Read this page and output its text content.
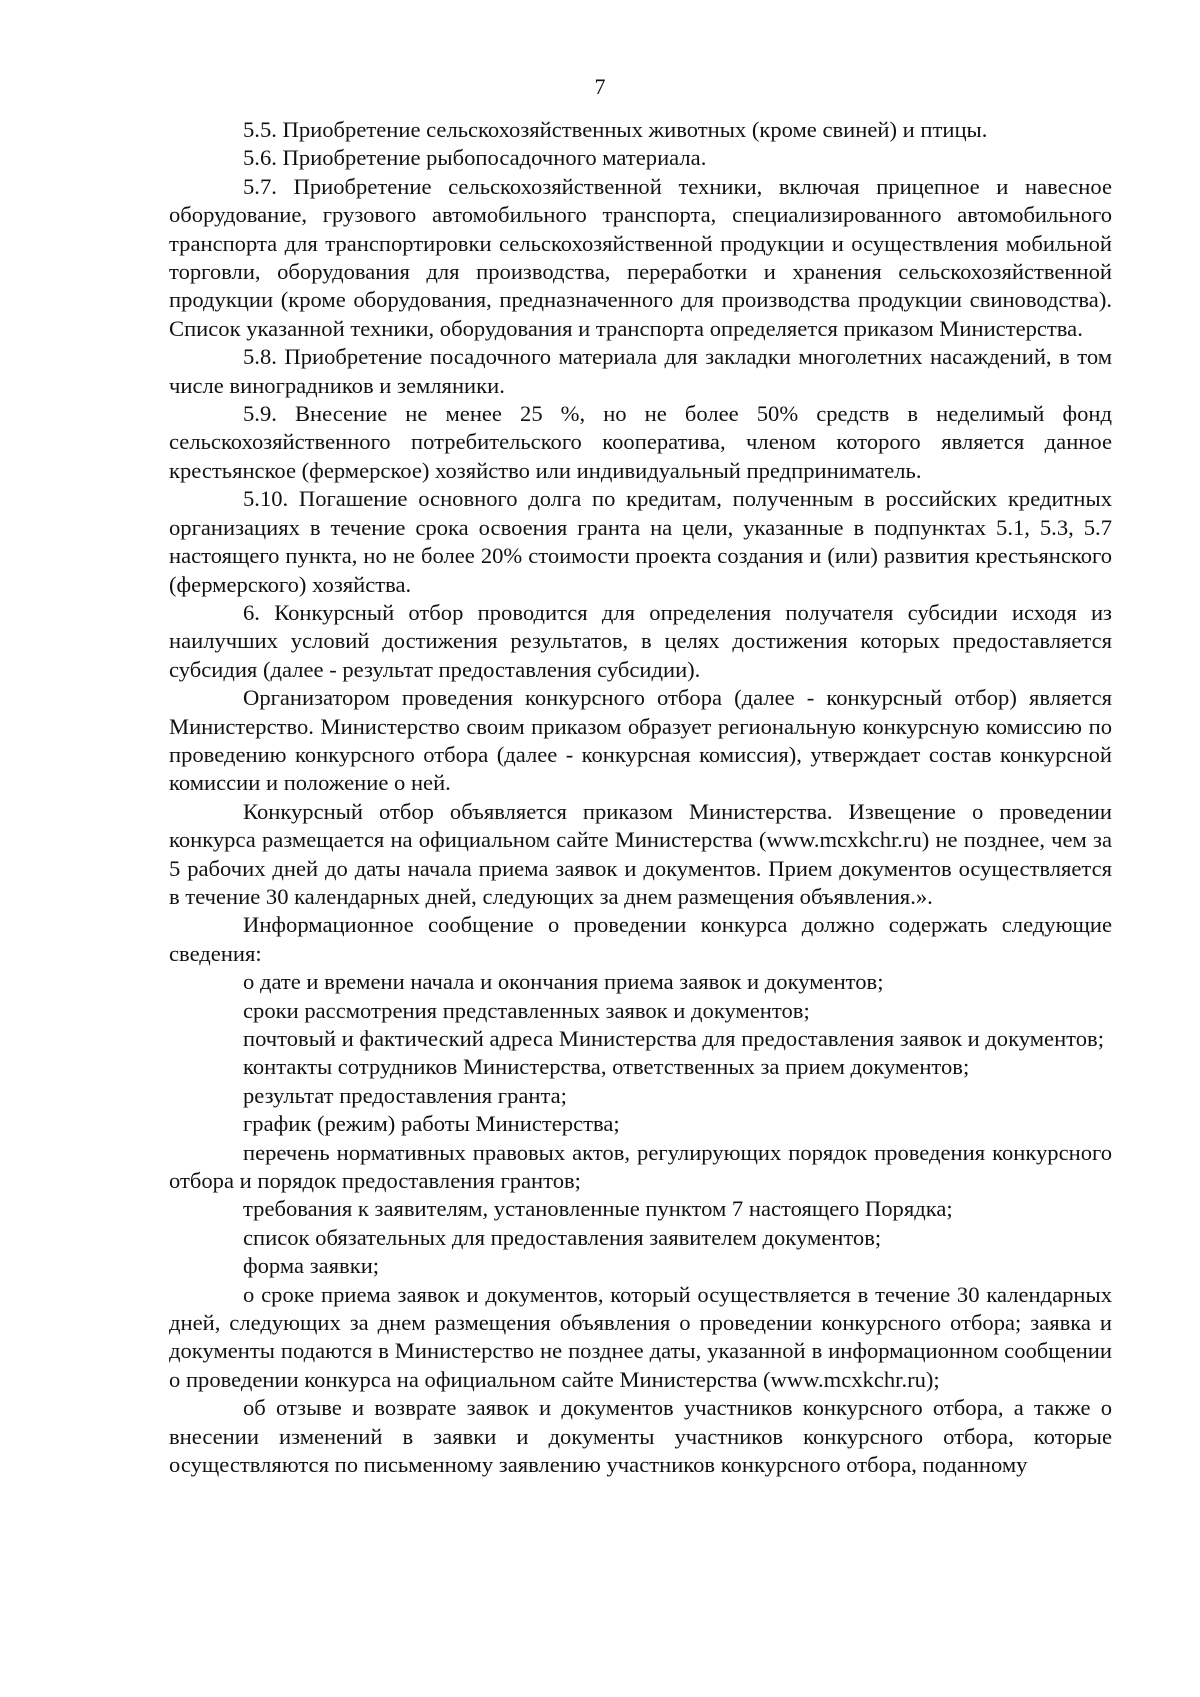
7

5.5. Приобретение сельскохозяйственных животных (кроме свиней) и птицы.

5.6. Приобретение рыбопосадочного материала.

5.7. Приобретение сельскохозяйственной техники, включая прицепное и навесное оборудование, грузового автомобильного транспорта, специализированного автомобильного транспорта для транспортировки сельскохозяйственной продукции и осуществления мобильной торговли, оборудования для производства, переработки и хранения сельскохозяйственной продукции (кроме оборудования, предназначенного для производства продукции свиноводства). Список указанной техники, оборудования и транспорта определяется приказом Министерства.

5.8. Приобретение посадочного материала для закладки многолетних насаждений, в том числе виноградников и земляники.

5.9. Внесение не менее 25 %, но не более 50% средств в неделимый фонд сельскохозяйственного потребительского кооператива, членом которого является данное крестьянское (фермерское) хозяйство или индивидуальный предприниматель.

5.10. Погашение основного долга по кредитам, полученным в российских кредитных организациях в течение срока освоения гранта на цели, указанные в подпунктах 5.1, 5.3, 5.7 настоящего пункта, но не более 20% стоимости проекта создания и (или) развития крестьянского (фермерского) хозяйства.

6. Конкурсный отбор проводится для определения получателя субсидии исходя из наилучших условий достижения результатов, в целях достижения которых предоставляется субсидия (далее - результат предоставления субсидии).

Организатором проведения конкурсного отбора (далее - конкурсный отбор) является Министерство. Министерство своим приказом образует региональную конкурсную комиссию по проведению конкурсного отбора (далее - конкурсная комиссия), утверждает состав конкурсной комиссии и положение о ней.

Конкурсный отбор объявляется приказом Министерства. Извещение о проведении конкурса размещается на официальном сайте Министерства (www.mcxkchr.ru) не позднее, чем за 5 рабочих дней до даты начала приема заявок и документов. Прием документов осуществляется в течение 30 календарных дней, следующих за днем размещения объявления.».

Информационное сообщение о проведении конкурса должно содержать следующие сведения:

о дате и времени начала и окончания приема заявок и документов;

сроки рассмотрения представленных заявок и документов;

почтовый и фактический адреса Министерства для предоставления заявок и документов;

контакты сотрудников Министерства, ответственных за прием документов;

результат предоставления гранта;

график (режим) работы Министерства;

перечень нормативных правовых актов, регулирующих порядок проведения конкурсного отбора и порядок предоставления грантов;

требования к заявителям, установленные пунктом 7 настоящего Порядка;

список обязательных для предоставления заявителем документов;

форма заявки;

о сроке приема заявок и документов, который осуществляется в течение 30 календарных дней, следующих за днем размещения объявления о проведении конкурсного отбора; заявка и документы подаются в Министерство не позднее даты, указанной в информационном сообщении о проведении конкурса на официальном сайте Министерства (www.mcxkchr.ru);

об отзыве и возврате заявок и документов участников конкурсного отбора, а также о внесении изменений в заявки и документы участников конкурсного отбора, которые осуществляются по письменному заявлению участников конкурсного отбора, поданному
